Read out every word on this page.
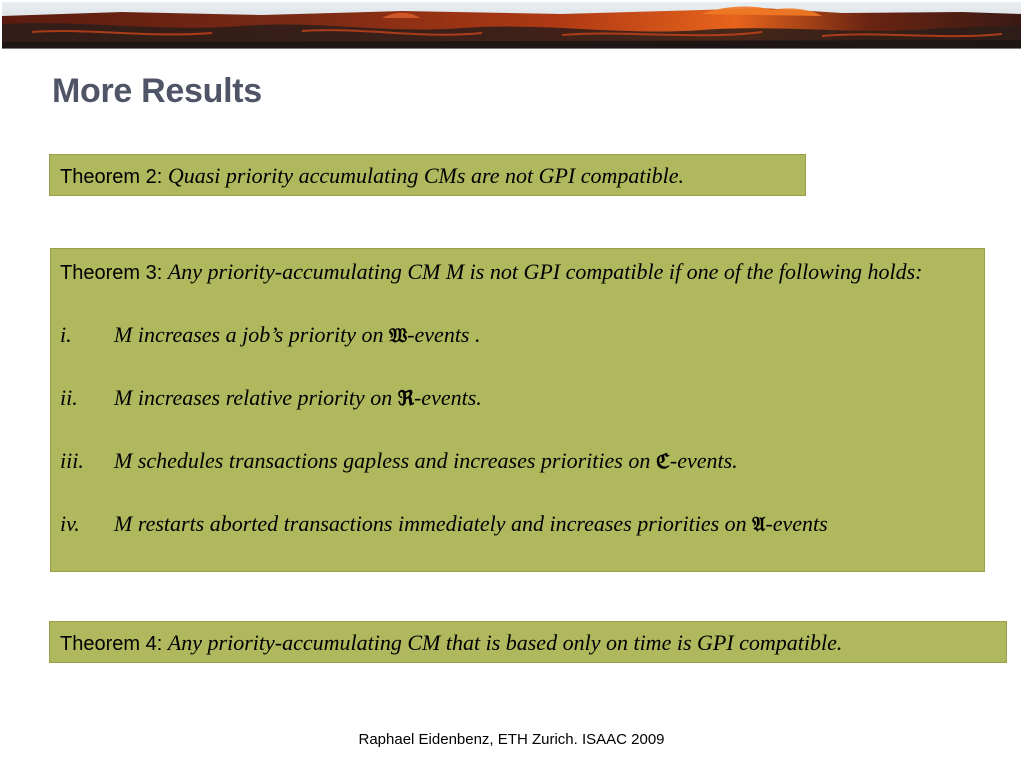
More Results
Theorem 2: Quasi priority accumulating CMs are not GPI compatible.
Theorem 3: Any priority-accumulating CM M is not GPI compatible if one of the following holds:
i.	M increases a job’s priority on 𝔚-events .
ii.	M increases relative priority on ℜ-events.
iii.	M schedules transactions gapless and increases priorities on ℭ-events.
iv.	M restarts aborted transactions immediately and increases priorities on 𝔄-events
Theorem 4: Any priority-accumulating CM that is based only on time is GPI compatible.
Raphael Eidenbenz, ETH Zurich. ISAAC 2009
